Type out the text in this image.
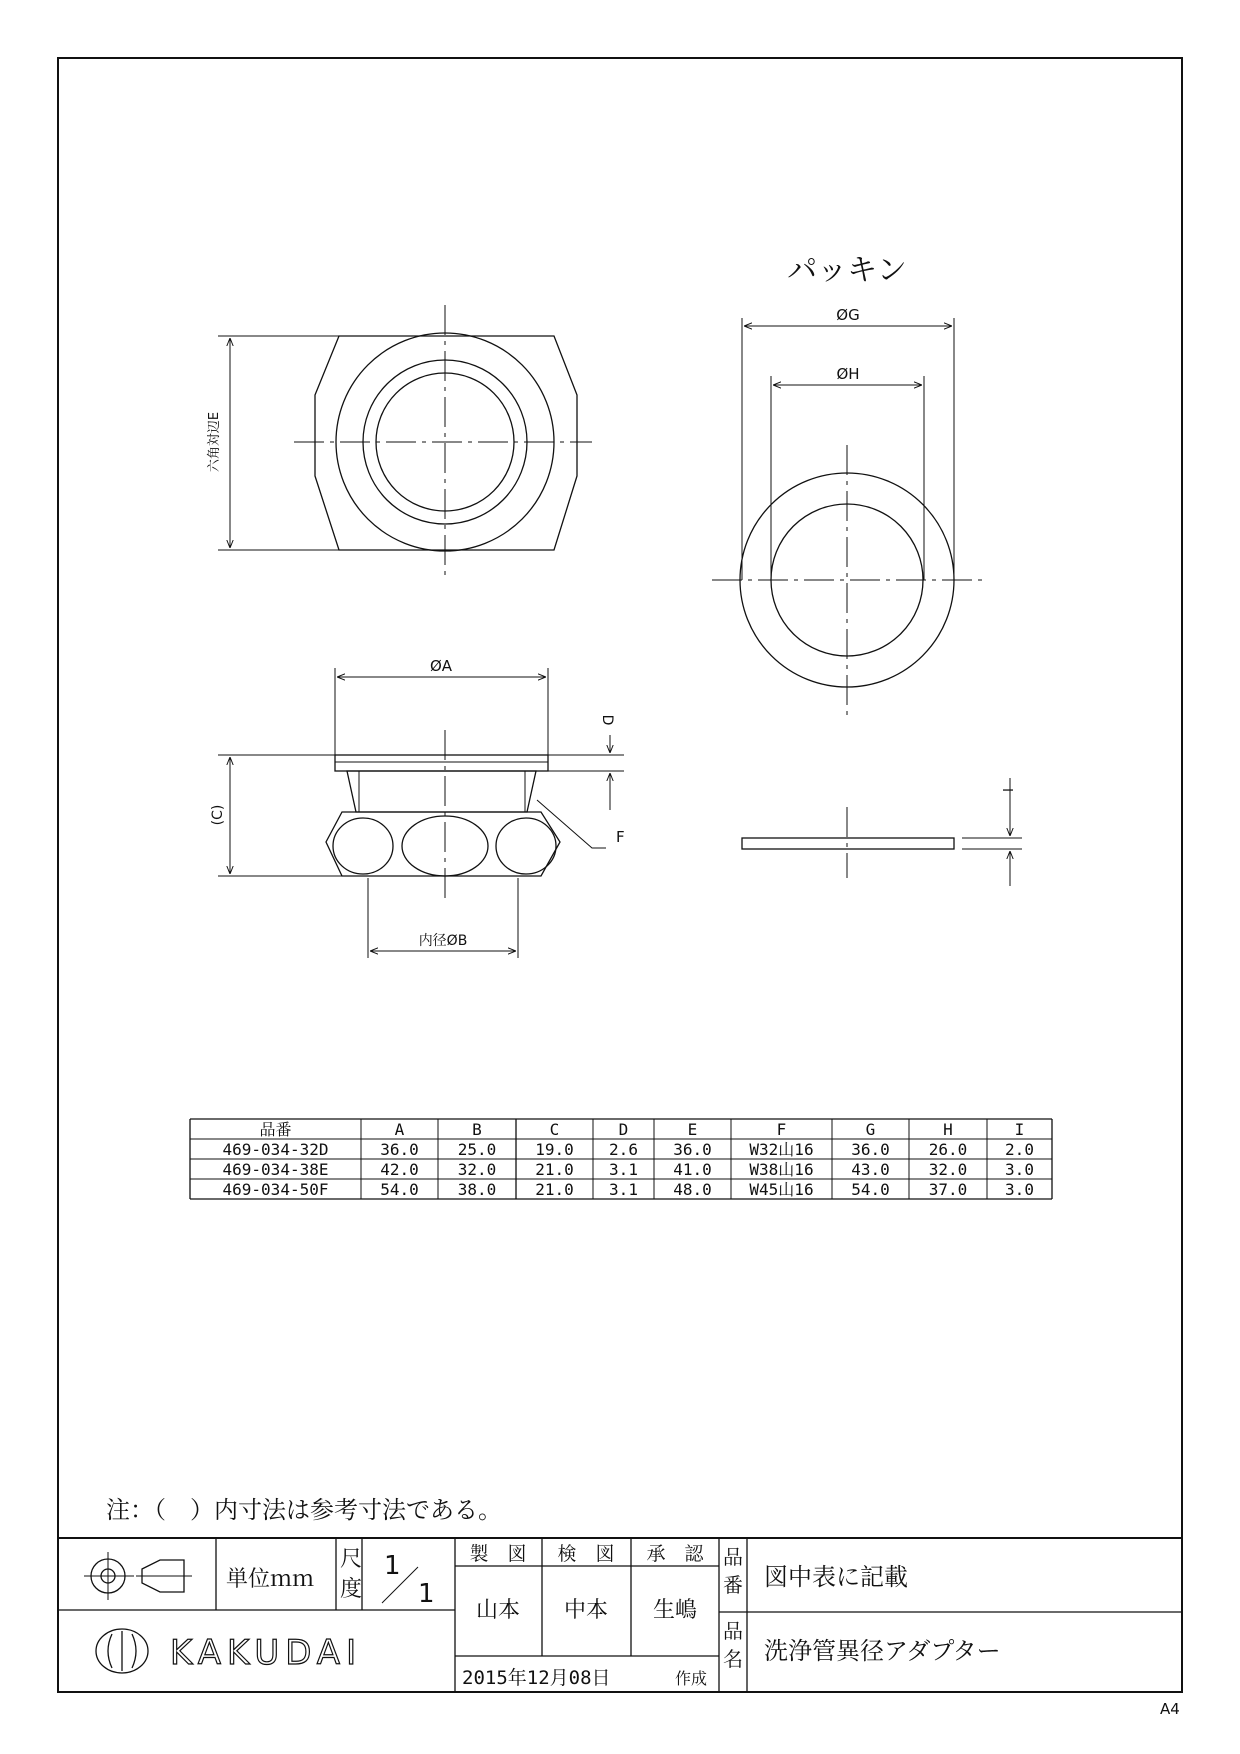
六角対辺E
パッキン
ØG
ØH
ØA
(C)
D
F
内径ØB
I
品番	A	B	C	D	E	F	G	H	I
469-034-32D	36.0 25.0 19.0 2.6 36.0 W32山16 36.0 26.0 2.0
469-034-38E	42.0 32.0 21.0 3.1 41.0 W38山16 43.0 32.0 3.0
469-034-50F	54.0 38.0 21.0 3.1 48.0 W45山16 54.0 37.0 3.0
注：（　）内寸法は参考寸法である。
単位ｍｍ
尺
度
1
1
製　図 検　図 承　認
山本 中本 生嶋
品
番 図中表に記載
品
名 洗浄管異径アダプター
2015年12月08日	作成
KAKUDAI
A4
